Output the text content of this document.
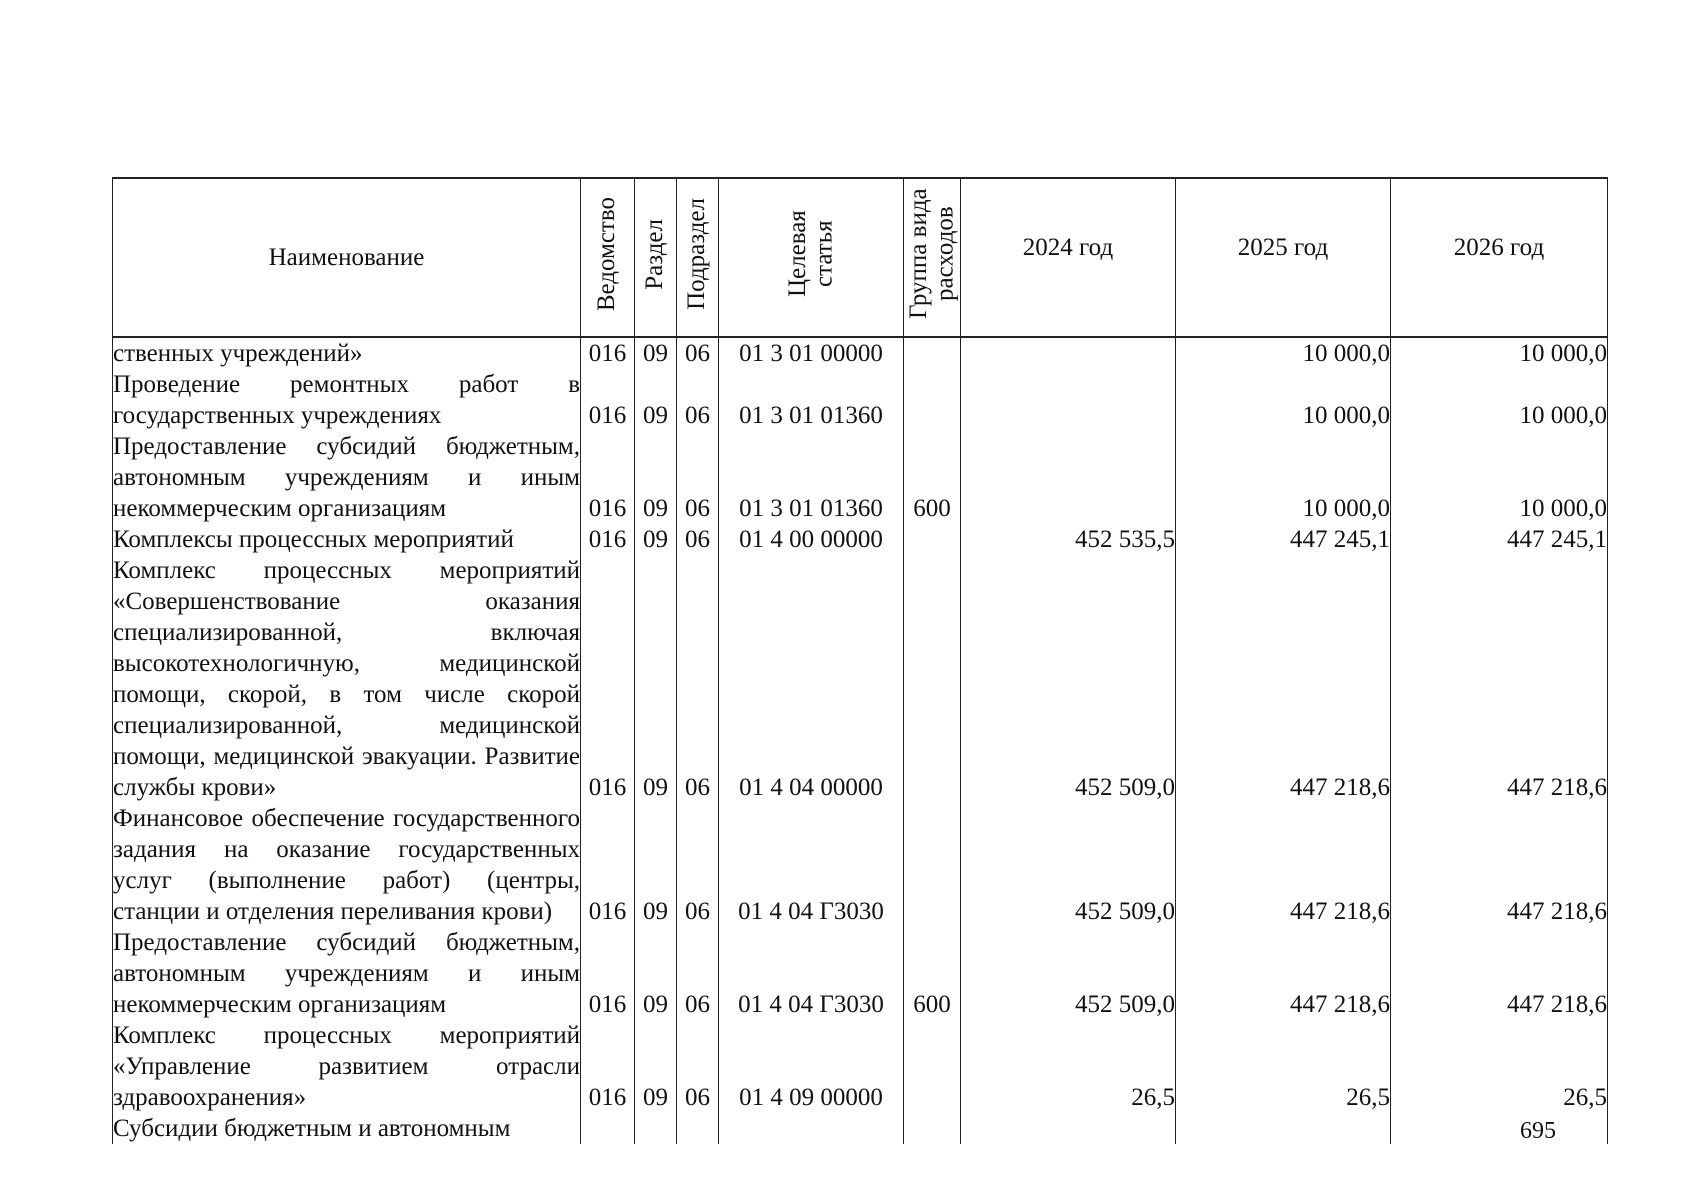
Наименование	Ведомство	Раздел	Подраздел	Целевая статья	Группа вида расходов	2024 год	2025 год	2026 год
ственных учреждений»	016	09	06	01 3 01 00000			10 000,0	10 000,0
Проведение ремонтных работ в государственных учреждениях	016	09	06	01 3 01 01360			10 000,0	10 000,0
Предоставление субсидий бюджетным, автономным учреждениям и иным некоммерческим организациям	016	09	06	01 3 01 01360	600		10 000,0	10 000,0
Комплексы процессных мероприятий	016	09	06	01 4 00 00000		452 535,5	447 245,1	447 245,1
Комплекс процессных мероприятий «Совершенствование оказания специализированной, включая высокотехнологичную, медицинской помощи, скорой, в том числе скорой специализированной, медицинской помощи, медицинской эвакуации. Развитие службы крови»	016	09	06	01 4 04 00000		452 509,0	447 218,6	447 218,6
Финансовое обеспечение государственного задания на оказание государственных услуг (выполнение работ) (центры, станции и отделения переливания крови)	016	09	06	01 4 04 Г3030		452 509,0	447 218,6	447 218,6
Предоставление субсидий бюджетным, автономным учреждениям и иным некоммерческим организациям	016	09	06	01 4 04 Г3030	600	452 509,0	447 218,6	447 218,6
Комплекс процессных мероприятий «Управление развитием отрасли здравоохранения»	016	09	06	01 4 09 00000		26,5	26,5	26,5
Субсидии бюджетным и автономным									695
